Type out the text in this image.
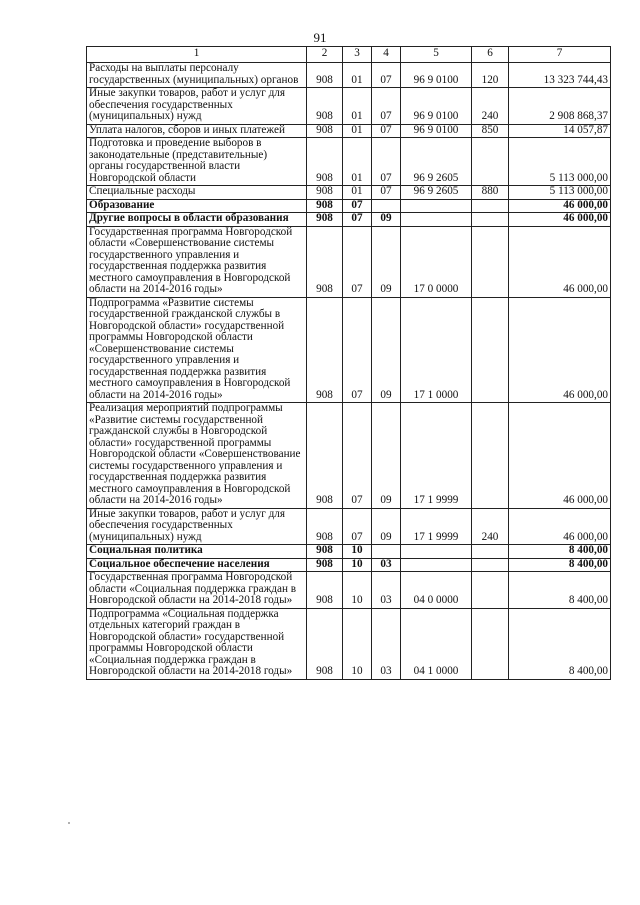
91
1	2	3	4	5	6	7
Расходы на выплаты персоналу государственных (муниципальных) органов	908	01	07	96 9 0100	120	13 323 744,43
Иные закупки товаров, работ и услуг для обеспечения государственных (муниципальных) нужд	908	01	07	96 9 0100	240	2 908 868,37
Уплата налогов, сборов и иных платежей	908	01	07	96 9 0100	850	14 057,87
Подготовка и проведение выборов в законодательные (представительные) органы государственной власти Новгородской области	908	01	07	96 9 2605		5 113 000,00
Специальные расходы	908	01	07	96 9 2605	880	5 113 000,00
Образование	908	07				46 000,00
Другие вопросы в области образования	908	07	09			46 000,00
Государственная программа Новгородской области «Совершенствование системы государственного управления и государственная поддержка развития местного самоуправления в Новгородской области на 2014-2016 годы»	908	07	09	17 0 0000		46 000,00
Подпрограмма «Развитие системы государственной гражданской службы в Новгородской области» государственной программы Новгородской области «Совершенствование системы государственного управления и государственная поддержка развития местного самоуправления в Новгородской области на 2014-2016 годы»	908	07	09	17 1 0000		46 000,00
Реализация мероприятий подпрограммы «Развитие системы государственной гражданской службы в Новгородской области» государственной программы Новгородской области «Совершенствование системы государственного управления и государственная поддержка развития местного самоуправления в Новгородской области на 2014-2016 годы»	908	07	09	17 1 9999		46 000,00
Иные закупки товаров, работ и услуг для обеспечения государственных (муниципальных) нужд	908	07	09	17 1 9999	240	46 000,00
Социальная политика	908	10				8 400,00
Социальное обеспечение населения	908	10	03			8 400,00
Государственная программа Новгородской области «Социальная поддержка граждан в Новгородской области на 2014-2018 годы»	908	10	03	04 0 0000		8 400,00
Подпрограмма «Социальная поддержка отдельных категорий граждан в Новгородской области» государственной программы Новгородской области «Социальная поддержка граждан в Новгородской области на 2014-2018 годы»	908	10	03	04 1 0000		8 400,00
